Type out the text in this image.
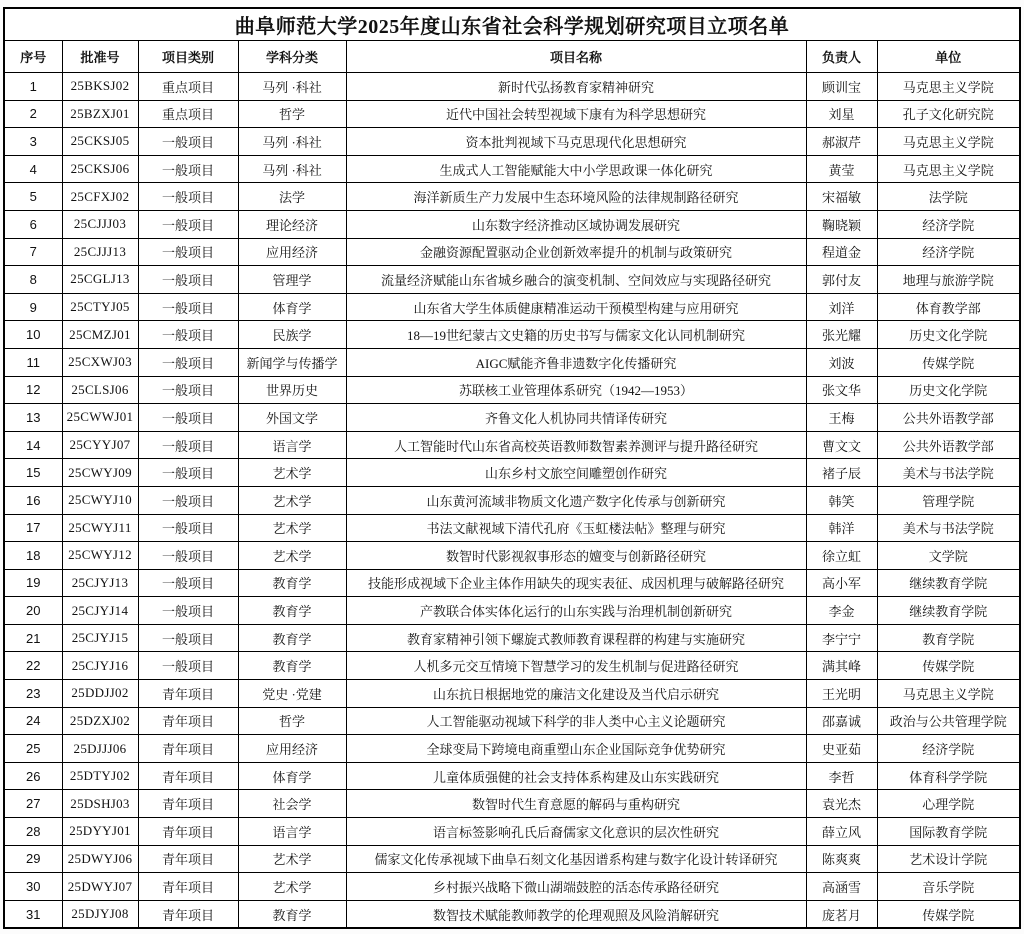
曲阜师范大学2025年度山东省社会科学规划研究项目立项名单						
序号	批准号	项目类别	学科分类	项目名称	负责人	单位
1	25BKSJ02	重点项目	马列 ·科社	新时代弘扬教育家精神研究	顾训宝	马克思主义学院
2	25BZXJ01	重点项目	哲学	近代中国社会转型视域下康有为科学思想研究	刘星	孔子文化研究院
3	25CKSJ05	一般项目	马列 ·科社	资本批判视域下马克思现代化思想研究	郝淑芹	马克思主义学院
4	25CKSJ06	一般项目	马列 ·科社	生成式人工智能赋能大中小学思政课一体化研究	黄莹	马克思主义学院
5	25CFXJ02	一般项目	法学	海洋新质生产力发展中生态环境风险的法律规制路径研究	宋福敏	法学院
6	25CJJJ03	一般项目	理论经济	山东数字经济推动区域协调发展研究	鞠晓颖	经济学院
7	25CJJJ13	一般项目	应用经济	金融资源配置驱动企业创新效率提升的机制与政策研究	程道金	经济学院
8	25CGLJ13	一般项目	管理学	流量经济赋能山东省城乡融合的演变机制、空间效应与实现路径研究	郭付友	地理与旅游学院
9	25CTYJ05	一般项目	体育学	山东省大学生体质健康精准运动干预模型构建与应用研究	刘洋	体育教学部
10	25CMZJ01	一般项目	民族学	18—19世纪蒙古文史籍的历史书写与儒家文化认同机制研究	张光耀	历史文化学院
11	25CXWJ03	一般项目	新闻学与传播学	AIGC赋能齐鲁非遗数字化传播研究	刘波	传媒学院
12	25CLSJ06	一般项目	世界历史	苏联核工业管理体系研究（1942—1953）	张文华	历史文化学院
13	25CWWJ01	一般项目	外国文学	齐鲁文化人机协同共情译传研究	王梅	公共外语教学部
14	25CYYJ07	一般项目	语言学	人工智能时代山东省高校英语教师数智素养测评与提升路径研究	曹文文	公共外语教学部
15	25CWYJ09	一般项目	艺术学	山东乡村文旅空间雕塑创作研究	褚子辰	美术与书法学院
16	25CWYJ10	一般项目	艺术学	山东黄河流域非物质文化遗产数字化传承与创新研究	韩笑	管理学院
17	25CWYJ11	一般项目	艺术学	书法文献视域下清代孔府《玉虹楼法帖》整理与研究	韩洋	美术与书法学院
18	25CWYJ12	一般项目	艺术学	数智时代影视叙事形态的嬗变与创新路径研究	徐立虹	文学院
19	25CJYJ13	一般项目	教育学	技能形成视域下企业主体作用缺失的现实表征、成因机理与破解路径研究	高小军	继续教育学院
20	25CJYJ14	一般项目	教育学	产教联合体实体化运行的山东实践与治理机制创新研究	李金	继续教育学院
21	25CJYJ15	一般项目	教育学	教育家精神引领下螺旋式教师教育课程群的构建与实施研究	李宁宁	教育学院
22	25CJYJ16	一般项目	教育学	人机多元交互情境下智慧学习的发生机制与促进路径研究	满其峰	传媒学院
23	25DDJJ02	青年项目	党史 ·党建	山东抗日根据地党的廉洁文化建设及当代启示研究	王光明	马克思主义学院
24	25DZXJ02	青年项目	哲学	人工智能驱动视域下科学的非人类中心主义论题研究	邵嘉诚	政治与公共管理学院
25	25DJJJ06	青年项目	应用经济	全球变局下跨境电商重塑山东企业国际竞争优势研究	史亚茹	经济学院
26	25DTYJ02	青年项目	体育学	儿童体质强健的社会支持体系构建及山东实践研究	李哲	体育科学学院
27	25DSHJ03	青年项目	社会学	数智时代生育意愿的解码与重构研究	袁光杰	心理学院
28	25DYYJ01	青年项目	语言学	语言标签影响孔氏后裔儒家文化意识的层次性研究	薛立风	国际教育学院
29	25DWYJ06	青年项目	艺术学	儒家文化传承视域下曲阜石刻文化基因谱系构建与数字化设计转译研究	陈爽爽	艺术设计学院
30	25DWYJ07	青年项目	艺术学	乡村振兴战略下微山湖端鼓腔的活态传承路径研究	高涵雪	音乐学院
31	25DJYJ08	青年项目	教育学	数智技术赋能教师教学的伦理观照及风险消解研究	庞茗月	传媒学院
